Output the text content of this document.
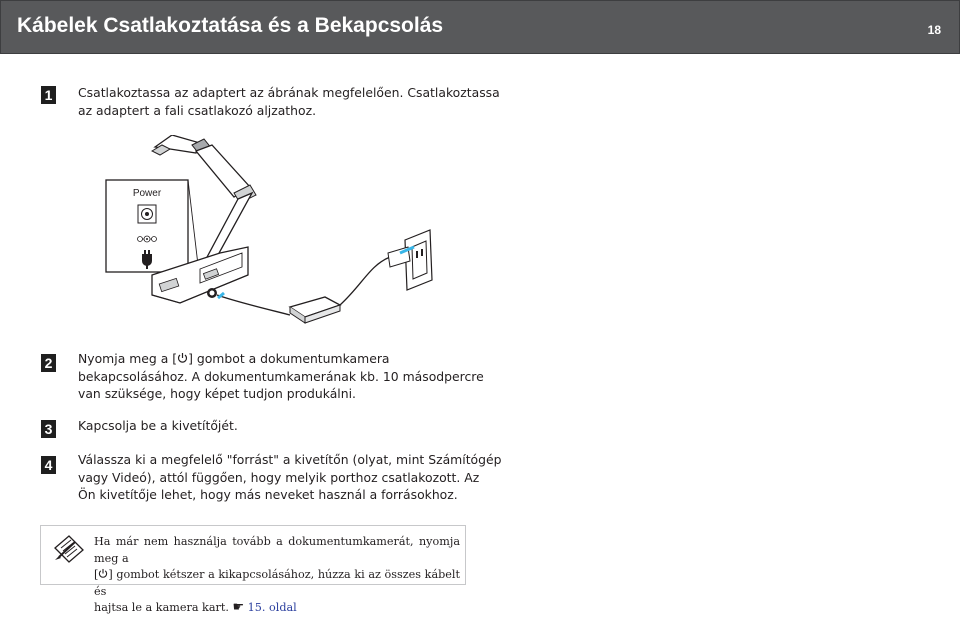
Kábelek Csatlakoztatása és a Bekapcsolás	18
1 Csatlakoztassa az adaptert az ábrának megfelelően. Csatlakoztassa
az adaptert a fali csatlakozó aljzathoz.
Power
2 Nyomja meg a [ ] gombot a dokumentumkamera
bekapcsolásához. A dokumentumkamerának kb. 10 másodpercre
van szüksége, hogy képet tudjon produkálni.
3 Kapcsolja be a kivetítőjét.
4 Válassza ki a megfelelő "forrást" a kivetítőn (olyat, mint Számítógép
vagy Videó), attól függően, hogy melyik porthoz csatlakozott. Az
Ön kivetítője lehet, hogy más neveket használ a forrásokhoz.
Ha már nem használja tovább a dokumentumkamerát, nyomja meg a
[ ] gombot kétszer a kikapcsolásához, húzza ki az összes kábelt és
hajtsa le a kamera kart. ☛ 15. oldal
